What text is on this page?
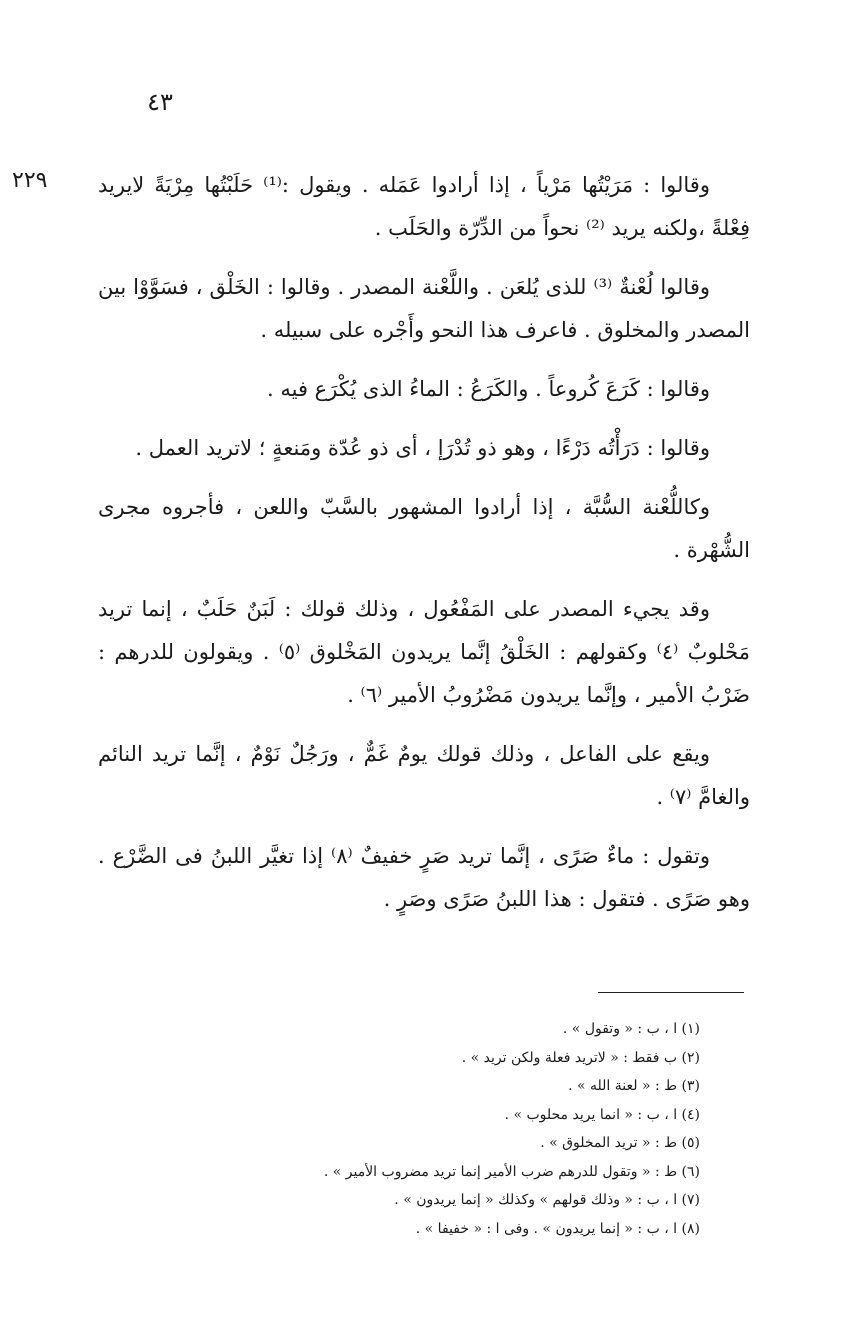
٤٣
٢٢٩	وقالوا : مَرَيْتُها مَرْياً ، إذا أرادوا عَمَله . ويقول :⁽¹⁾ حَلَبْتُها مِرْيَةً لايريد فِعْلةً ،ولكنه يريد ⁽²⁾ نحواً من الدِّرّة والحَلَب .

وقالوا لُعْنةٌ ⁽³⁾ للذى يُلعَن . واللَّعْنة المصدر . وقالوا : الخَلْق ، فسَوَّوْا بين المصدر والمخلوق . فاعرف هذا النحو وأَجْره على سبيله .

وقالوا : كَرَعَ كُروعاً . والكَرَعُ : الماءُ الذى يُكْرَع فيه .

وقالوا : دَرَأْتُه دَرْءًا ، وهو ذو تُدْرَإ ، أى ذو عُدّة ومَنعةٍ ؛ لاتريد العمل .

وكاللُّعْنة السُّبَّة ، إذا أرادوا المشهور بالسَّبّ واللعن ، فأجروه مجرى الشُّهْرة .

وقد يجيء المصدر على المَفْعُول ، وذلك قولك : لَبَنٌ حَلَبٌ ، إنما تريد مَحْلوبٌ ⁽٤⁾ وكقولهم : الخَلْقُ إنَّما يريدون المَخْلوق ⁽٥⁾ . ويقولون للدرهم : ضَرْبُ الأمير ، وإنَّما يريدون مَضْرُوبُ الأمير ⁽٦⁾ .

ويقع على الفاعل ، وذلك قولك يومٌ غَمٌّ ، ورَجُلٌ نَوْمٌ ، إنَّما تريد النائم والغامَّ ⁽٧⁾ .

وتقول : ماءٌ صَرًى ، إنَّما تريد صَرٍ خفيفٌ ⁽٨⁾ إذا تغيَّر اللبنُ فى الضَّرْع . وهو صَرًى . فتقول : هذا اللبنُ صَرًى وصَرٍ .

(١) ا ، ب : « وتقول » .
(٢) ب فقط : « لاتريد فعلة ولكن تريد » .
(٣) ط : « لعنة الله » .
(٤) ا ، ب : « انما يريد محلوب » .
(٥) ط : « تريد المخلوق » .
(٦) ط : « وتقول للدرهم ضرب الأمير إنما تريد مضروب الأمير » .
(٧) ا ، ب : « وذلك قولهم » وكذلك « إنما يريدون » .
(٨) ا ، ب : « إنما يريدون » . وفى ا : « خفيفا » .
